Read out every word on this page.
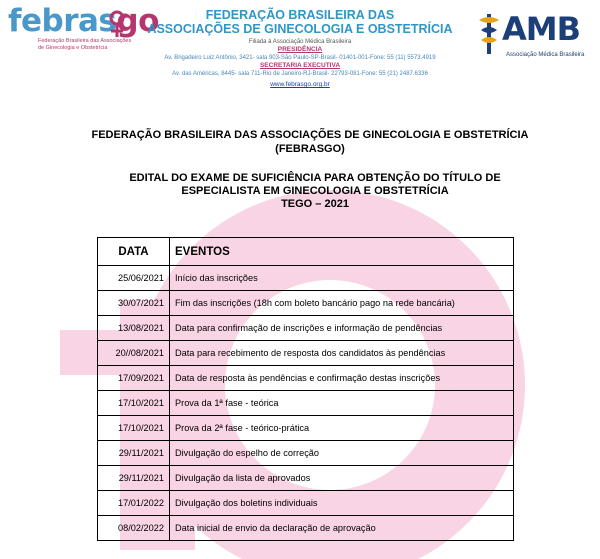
febrasgo
Federação Brasileira das Associações de Ginecologia e Obstetrícia
FEDERAÇÃO BRASILEIRA DAS
ASSOCIAÇÕES DE GINECOLOGIA E OBSTETRÍCIA
Filiada à Associação Médica Brasileira
PRESIDÊNCIA
Av. Brigadeiro Luiz Antônio, 3421- sala 903-São Paulo-SP-Brasil- 01401-001-Fone: 55 (11) 5573.4919
SECRETARIA EXECUTIVA
Av. das Américas, 8445- sala 711-Rio de Janeiro-RJ-Brasil- 22793-081-Fone: 55 (21) 2487.6336
www.febrasgo.org.br
AMB
Associação Médica Brasileira
FEDERAÇÃO BRASILEIRA DAS ASSOCIAÇÕES DE GINECOLOGIA E OBSTETRÍCIA (FEBRASGO)
EDITAL DO EXAME DE SUFICIÊNCIA PARA OBTENÇÃO DO TÍTULO DE
ESPECIALISTA EM GINECOLOGIA E OBSTETRÍCIA
TEGO – 2021
DATA	EVENTOS
25/06/2021	Início das inscrições
30/07/2021	Fim das inscrições (18h com boleto bancário pago na rede bancária)
13/08/2021	Data para confirmação de inscrições e informação de pendências
20//08/2021	Data para recebimento de resposta dos candidatos às pendências
17/09/2021	Data de resposta às pendências e confirmação destas inscrições
17/10/2021	Prova da 1ª fase - teórica
17/10/2021	Prova da 2ª fase - teórico-prática
29/11/2021	Divulgação do espelho de correção
29/11/2021	Divulgação da lista de aprovados
17/01/2022	Divulgação dos boletins individuais
08/02/2022	Data inicial de envio da declaração de aprovação
